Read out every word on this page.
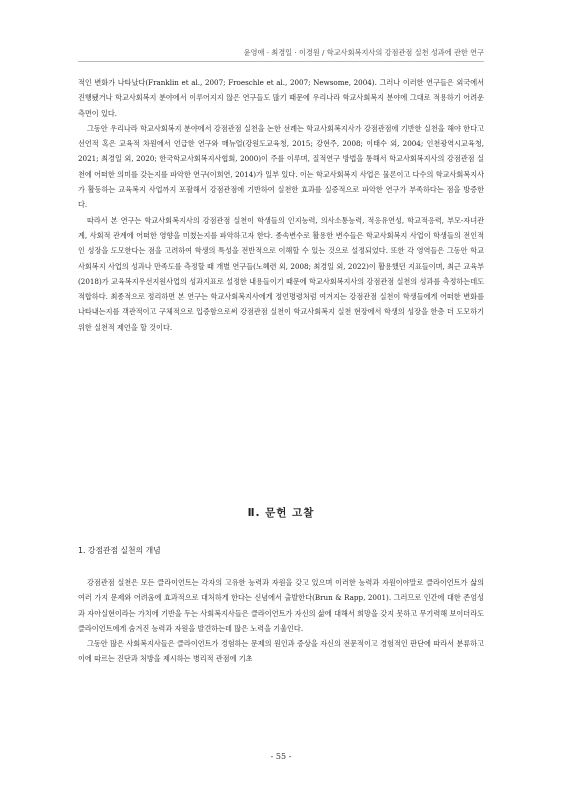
윤영애 · 최경일 · 이경원 / 학교사회복지사의 강점관점 실천 성과에 관한 연구

적인 변화가 나타났다(Franklin et al., 2007; Froeschle et al., 2007; Newsome, 2004). 그러나 이러한 연구들은 외국에서 진행됐거나 학교사회복지 분야에서 이루어지지 않은 연구들도 많기 때문에 우리나라 학교사회복지 분야에 그대로 적용하기 어려운 측면이 있다.

그동안 우리나라 학교사회복지 분야에서 강점관점 실천을 논한 선례는 학교사회복지사가 강점관점에 기반한 실천을 해야 한다고 선언적 혹은 교육적 차원에서 언급한 연구와 매뉴얼(강원도교육청, 2015; 강현주, 2008; 이태수 외, 2004; 인천광역시교육청, 2021; 최경일 외, 2020; 한국학교사회복지사협회, 2000)이 주를 이루며, 질적연구 방법을 통해서 학교사회복지사의 강점관점 실천에 어떠한 의미를 갖는지를 파악한 연구(이희연, 2014)가 일부 있다. 이는 학교사회복지 사업은 물론이고 다수의 학교사회복지사가 활동하는 교육복지 사업까지 포괄해서 강점관점에 기반하여 실천한 효과를 실증적으로 파악한 연구가 부족하다는 점을 방증한다.

따라서 본 연구는 학교사회복지사의 강점관점 실천이 학생들의 인지능력, 의사소통능력, 적응유연성, 학교적응력, 부모-자녀관계, 사회적 관계에 어떠한 영향을 미쳤는지를 파악하고자 한다. 종속변수로 활용한 변수들은 학교사회복지 사업이 학생들의 전인적인 성장을 도모한다는 점을 고려하여 학생의 특성을 전반적으로 이해할 수 있는 것으로 설정되었다. 또한 각 영역들은 그동안 학교사회복지 사업의 성과나 만족도를 측정할 때 개별 연구들(노혜련 외, 2008; 최경일 외, 2022)이 활용했던 지표들이며, 최근 교육부(2018)가 교육복지우선지원사업의 성과지표로 설정한 내용들이기 때문에 학교사회복지사의 강점관점 실천의 성과를 측정하는데도 적합하다. 최종적으로 정리하면 본 연구는 학교사회복지사에게 정언명령처럼 여겨지는 강점관점 실천이 학생들에게 어떠한 변화를 나타내는지를 객관적이고 구체적으로 입증함으로써 강점관점 실천이 학교사회복지 실천 현장에서 학생의 성장을 한층 더 도모하기 위한 실천적 제언을 할 것이다.

Ⅱ. 문헌 고찰
1. 강점관점 실천의 개념

강점관점 실천은 모든 클라이언트는 각자의 고유한 능력과 자원을 갖고 있으며 이러한 능력과 자원이야말로 클라이언트가 삶의 여러 가지 문제와 어려움에 효과적으로 대처하게 한다는 신념에서 출발한다(Brun & Rapp, 2001). 그러므로 인간에 대한 존엄성과 자아실현이라는 가치에 기반을 두는 사회복지사들은 클라이언트가 자신의 삶에 대해서 희망을 갖지 못하고 무기력해 보이더라도 클라이언트에게 숨겨진 능력과 자원을 발견하는데 많은 노력을 기울인다.

그동안 많은 사회복지사들은 클라이언트가 경험하는 문제의 원인과 증상을 자신의 전문적이고 경험적인 판단에 따라서 분류하고 이에 따르는 진단과 처방을 제시하는 병리적 관점에 기초

- 55 -
